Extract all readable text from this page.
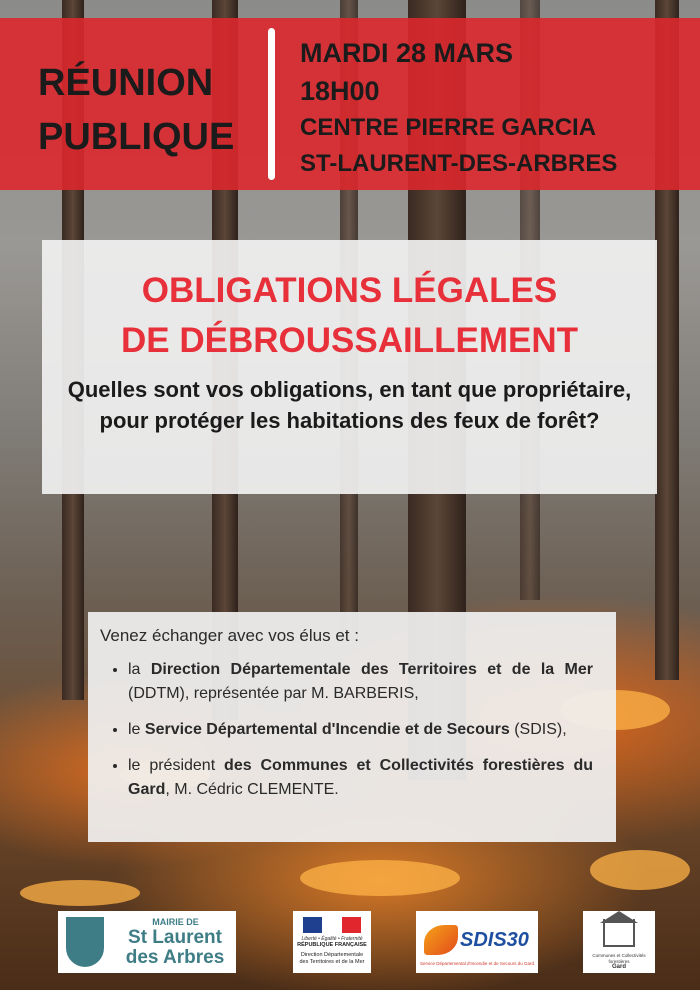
RÉUNION
PUBLIQUE
MARDI 28 MARS
18H00
CENTRE PIERRE GARCIA
ST-LAURENT-DES-ARBRES
OBLIGATIONS LÉGALES
DE DÉBROUSSAILLEMENT
Quelles sont vos obligations, en tant que propriétaire, pour protéger les habitations des feux de forêt?
Venez échanger avec vos élus et :
• la Direction Départementale des Territoires et de la Mer (DDTM), représentée par M. BARBERIS,
• le Service Départemental d'Incendie et de Secours (SDIS),
• le président des Communes et Collectivités forestières du Gard, M. Cédric CLEMENTE.
MAIRIE DE
St Laurent
des Arbres
Liberté • Égalité • Fraternité
RÉPUBLIQUE FRANÇAISE
Direction Départementale des Territoires et de la Mer
SDIS30
Service Départemental d'Incendie et de Secours du Gard
Communes et Collectivités forestières
Gard
